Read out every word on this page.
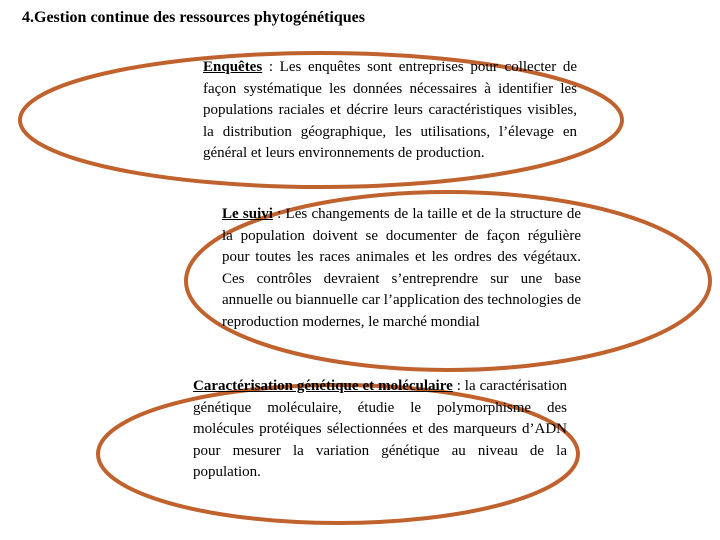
4.Gestion continue des ressources phytogénétiques

Enquêtes : Les enquêtes sont entreprises pour collecter de façon systématique les données nécessaires à identifier les populations raciales et décrire leurs caractéristiques visibles, la distribution géographique, les utilisations, l’élevage en général et leurs environnements de production.

Le suivi : Les changements de la taille et de la structure de la population doivent se documenter de façon régulière pour toutes les races animales et les ordres des végétaux. Ces contrôles devraient s’entreprendre sur une base annuelle ou biannuelle car l’application des technologies de reproduction modernes, le marché mondial

Caractérisation génétique et moléculaire : la caractérisation génétique moléculaire, étudie le polymorphisme des molécules protéiques sélectionnées et des marqueurs d’ADN pour mesurer la variation génétique au niveau de la population.
